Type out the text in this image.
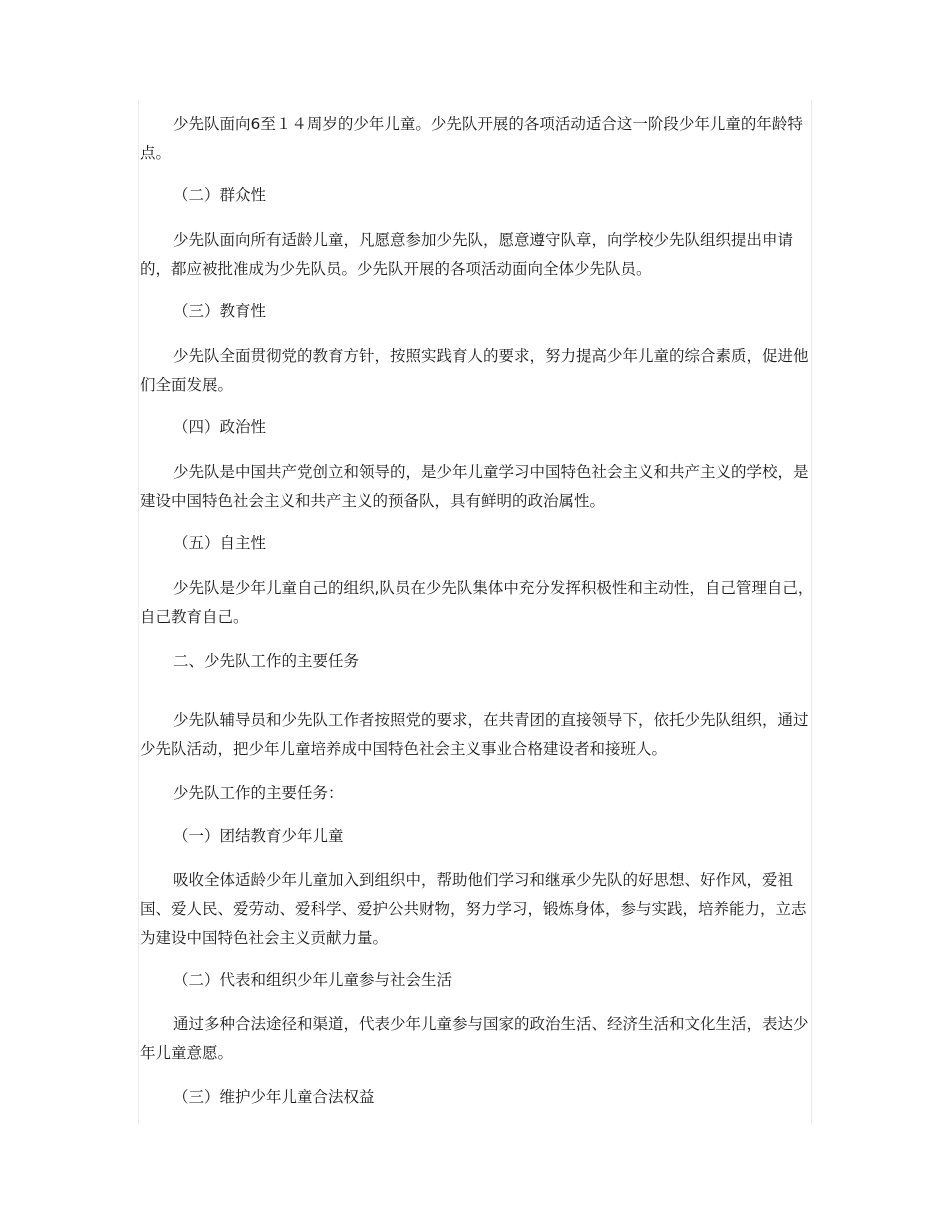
少先队面向6至１４周岁的少年儿童。少先队开展的各项活动适合这一阶段少年儿童的年龄特点。

（二）群众性

少先队面向所有适龄儿童，凡愿意参加少先队，愿意遵守队章，向学校少先队组织提出申请的，都应被批准成为少先队员。少先队开展的各项活动面向全体少先队员。

（三）教育性

少先队全面贯彻党的教育方针，按照实践育人的要求，努力提高少年儿童的综合素质，促进他们全面发展。

（四）政治性

少先队是中国共产党创立和领导的，是少年儿童学习中国特色社会主义和共产主义的学校，是建设中国特色社会主义和共产主义的预备队，具有鲜明的政治属性。

（五）自主性

少先队是少年儿童自己的组织,队员在少先队集体中充分发挥积极性和主动性，自己管理自己，自己教育自己。

二、少先队工作的主要任务

少先队辅导员和少先队工作者按照党的要求，在共青团的直接领导下，依托少先队组织，通过少先队活动，把少年儿童培养成中国特色社会主义事业合格建设者和接班人。

少先队工作的主要任务：

（一）团结教育少年儿童

吸收全体适龄少年儿童加入到组织中，帮助他们学习和继承少先队的好思想、好作风，爱祖国、爱人民、爱劳动、爱科学、爱护公共财物，努力学习，锻炼身体，参与实践，培养能力，立志为建设中国特色社会主义贡献力量。

（二）代表和组织少年儿童参与社会生活

通过多种合法途径和渠道，代表少年儿童参与国家的政治生活、经济生活和文化生活，表达少年儿童意愿。

（三）维护少年儿童合法权益
